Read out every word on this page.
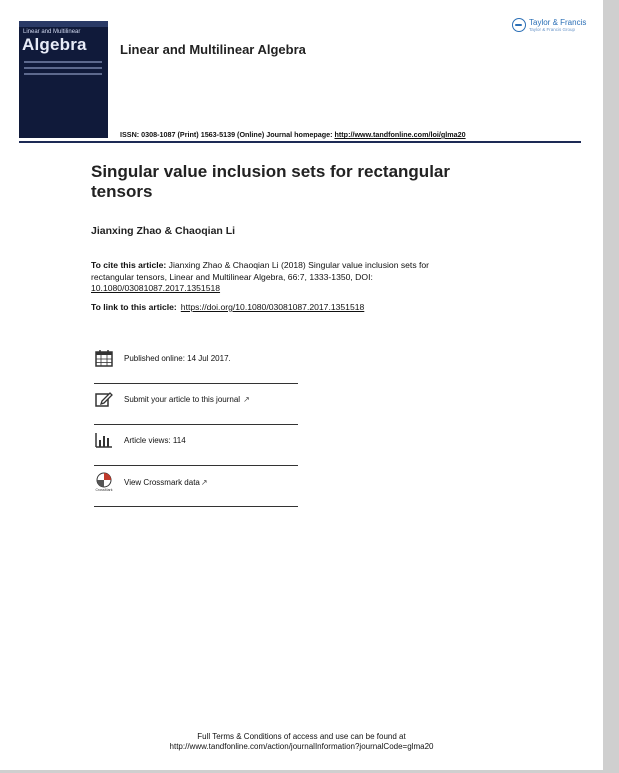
Linear and Multilinear
Algebra	Linear and Multilinear Algebra
ISSN: 0308-1087 (Print) 1563-5139 (Online) Journal homepage: http://www.tandfonline.com/loi/glma20
Taylor & Francis
Taylor & Francis Group
Singular value inclusion sets for rectangular tensors
Jianxing Zhao & Chaoqian Li
To cite this article: Jianxing Zhao & Chaoqian Li (2018) Singular value inclusion sets for rectangular tensors, Linear and Multilinear Algebra, 66:7, 1333-1350, DOI: 10.1080/03081087.2017.1351518
To link to this article: https://doi.org/10.1080/03081087.2017.1351518
Published online: 14 Jul 2017.
Submit your article to this journal ↗
Article views: 114
CrossMark
View Crossmark data ↗
Full Terms & Conditions of access and use can be found at
http://www.tandfonline.com/action/journalInformation?journalCode=glma20
